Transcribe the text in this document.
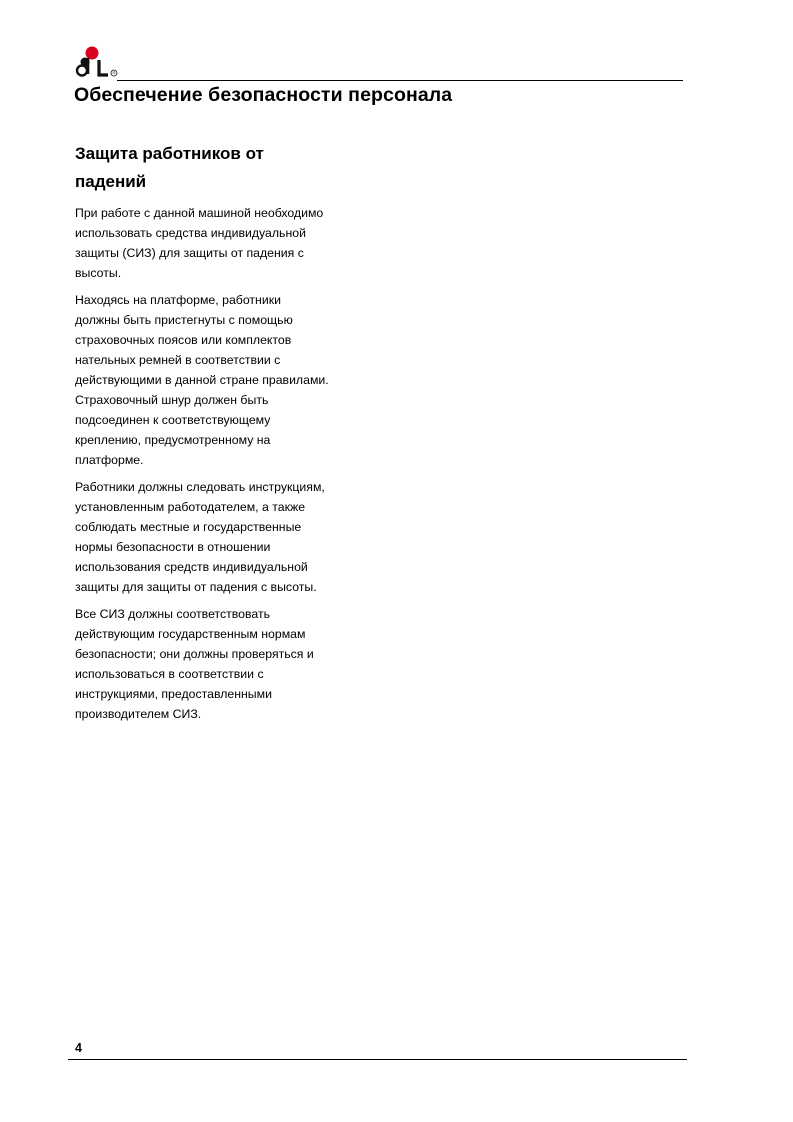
®
Обеспечение безопасности персонала
Защита работников от
падений

При работе с данной машиной необходимо
использовать средства индивидуальной
защиты (СИЗ) для защиты от падения с
высоты.

Находясь на платформе, работники
должны быть пристегнуты с помощью
страховочных поясов или комплектов
нательных ремней в соответствии с
действующими в данной стране правилами.
Страховочный шнур должен быть
подсоединен к соответствующему
креплению, предусмотренному на
платформе.

Работники должны следовать инструкциям,
установленным работодателем, а также
соблюдать местные и государственные
нормы безопасности в отношении
использования средств индивидуальной
защиты для защиты от падения с высоты.

Все СИЗ должны соответствовать
действующим государственным нормам
безопасности; они должны проверяться и
использоваться в соответствии с
инструкциями, предоставленными
производителем СИЗ.

4
